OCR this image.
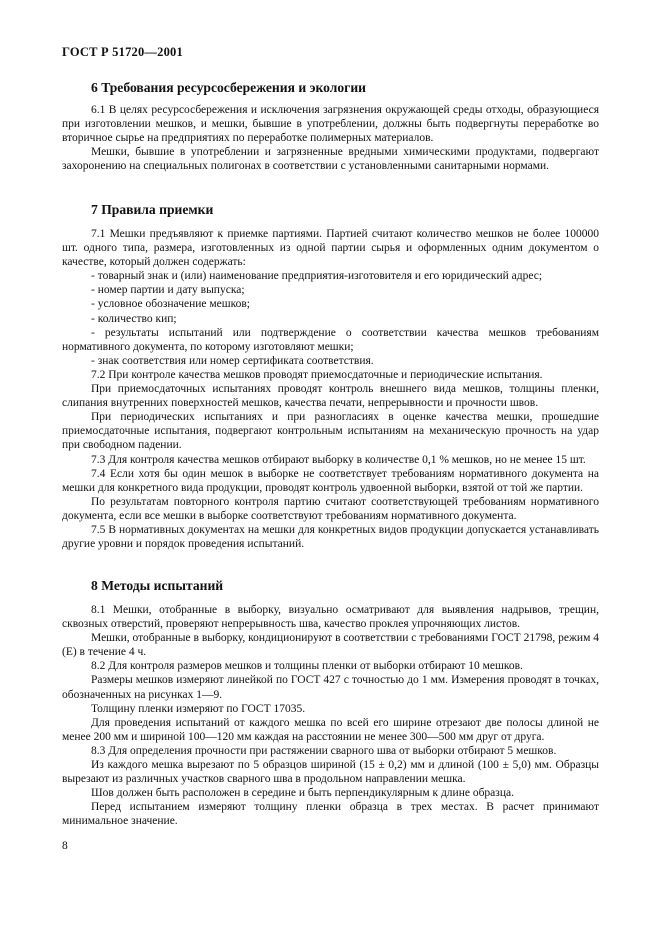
ГОСТ Р 51720—2001
6 Требования ресурсосбережения и экологии

6.1 В целях ресурсосбережения и исключения загрязнения окружающей среды отходы, образующиеся при изготовлении мешков, и мешки, бывшие в употреблении, должны быть подвергнуты переработке во вторичное сырье на предприятиях по переработке полимерных материалов.

Мешки, бывшие в употреблении и загрязненные вредными химическими продуктами, подвергают захоронению на специальных полигонах в соответствии с установленными санитарными нормами.

7 Правила приемки

7.1 Мешки предъявляют к приемке партиями. Партией считают количество мешков не более 100000 шт. одного типа, размера, изготовленных из одной партии сырья и оформленных одним документом о качестве, который должен содержать:

- товарный знак и (или) наименование предприятия-изготовителя и его юридический адрес;

- номер партии и дату выпуска;

- условное обозначение мешков;

- количество кип;

- результаты испытаний или подтверждение о соответствии качества мешков требованиям нормативного документа, по которому изготовляют мешки;

- знак соответствия или номер сертификата соответствия.

7.2 При контроле качества мешков проводят приемосдаточные и периодические испытания.

При приемосдаточных испытаниях проводят контроль внешнего вида мешков, толщины пленки, слипания внутренних поверхностей мешков, качества печати, непрерывности и прочности швов.

При периодических испытаниях и при разногласиях в оценке качества мешки, прошедшие приемосдаточные испытания, подвергают контрольным испытаниям на механическую прочность на удар при свободном падении.

7.3 Для контроля качества мешков отбирают выборку в количестве 0,1 % мешков, но не менее 15 шт.

7.4 Если хотя бы один мешок в выборке не соответствует требованиям нормативного документа на мешки для конкретного вида продукции, проводят контроль удвоенной выборки, взятой от той же партии.

По результатам повторного контроля партию считают соответствующей требованиям нормативного документа, если все мешки в выборке соответствуют требованиям нормативного документа.

7.5 В нормативных документах на мешки для конкретных видов продукции допускается устанавливать другие уровни и порядок проведения испытаний.

8 Методы испытаний

8.1 Мешки, отобранные в выборку, визуально осматривают для выявления надрывов, трещин, сквозных отверстий, проверяют непрерывность шва, качество проклея упрочняющих листов.

Мешки, отобранные в выборку, кондиционируют в соответствии с требованиями ГОСТ 21798, режим 4 (Е) в течение 4 ч.

8.2 Для контроля размеров мешков и толщины пленки от выборки отбирают 10 мешков.

Размеры мешков измеряют линейкой по ГОСТ 427 с точностью до 1 мм. Измерения проводят в точках, обозначенных на рисунках 1—9.

Толщину пленки измеряют по ГОСТ 17035.

Для проведения испытаний от каждого мешка по всей его ширине отрезают две полосы длиной не менее 200 мм и шириной 100—120 мм каждая на расстоянии не менее 300—500 мм друг от друга.

8.3 Для определения прочности при растяжении сварного шва от выборки отбирают 5 мешков.

Из каждого мешка вырезают по 5 образцов шириной (15 ± 0,2) мм и длиной (100 ± 5,0) мм. Образцы вырезают из различных участков сварного шва в продольном направлении мешка.

Шов должен быть расположен в середине и быть перпендикулярным к длине образца.

Перед испытанием измеряют толщину пленки образца в трех местах. В расчет принимают минимальное значение.

8
